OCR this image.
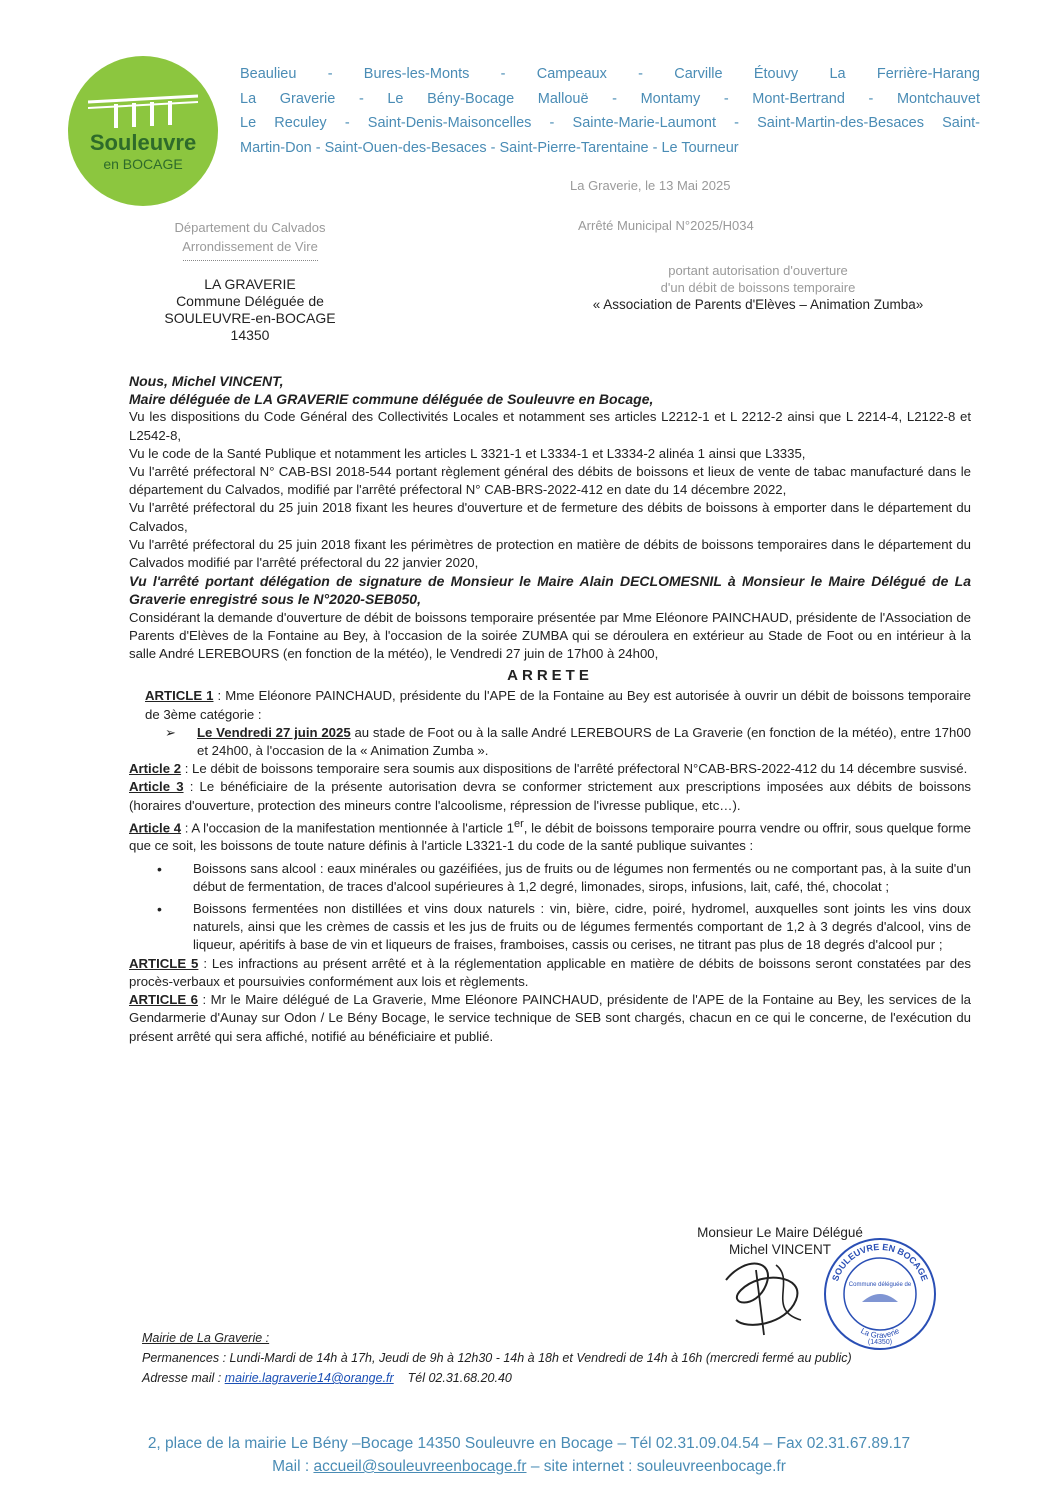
Souleuvre
en BOCAGE
Beaulieu - Bures-les-Monts - Campeaux - Carville Étouvy La Ferrière-Harang
La Graverie - Le Bény-Bocage Mallouë - Montamy - Mont-Bertrand - Montchauvet
Le Reculey - Saint-Denis-Maisoncelles - Sainte-Marie-Laumont - Saint-Martin-des-Besaces Saint-
Martin-Don - Saint-Ouen-des-Besaces - Saint-Pierre-Tarentaine - Le Tourneur
Département du Calvados
Arrondissement de Vire
LA GRAVERIE
Commune Déléguée de
SOULEUVRE-en-BOCAGE
14350
La Graverie, le 13 Mai 2025
Arrêté Municipal N°2025/H034
portant autorisation d'ouverture
d'un débit de boissons temporaire
« Association de Parents d'Elèves – Animation Zumba»

Nous, Michel VINCENT,

Maire déléguée de LA GRAVERIE commune déléguée de Souleuvre en Bocage,

Vu les dispositions du Code Général des Collectivités Locales et notamment ses articles L2212-1 et L 2212-2 ainsi que L 2214-4, L2122-8 et L2542-8,

Vu le code de la Santé Publique et notamment les articles L 3321-1 et L3334-1 et L3334-2 alinéa 1 ainsi que L3335,

Vu l'arrêté préfectoral N° CAB-BSI 2018-544 portant règlement général des débits de boissons et lieux de vente de tabac manufacturé dans le département du Calvados, modifié par l'arrêté préfectoral N° CAB-BRS-2022-412 en date du 14 décembre 2022,

Vu l'arrêté préfectoral du 25 juin 2018 fixant les heures d'ouverture et de fermeture des débits de boissons à emporter dans le département du Calvados,

Vu l'arrêté préfectoral du 25 juin 2018 fixant les périmètres de protection en matière de débits de boissons temporaires dans le département du Calvados modifié par l'arrêté préfectoral du 22 janvier 2020,

Vu l'arrêté portant délégation de signature de Monsieur le Maire Alain DECLOMESNIL à Monsieur le Maire Délégué de La Graverie enregistré sous le N°2020-SEB050,

Considérant la demande d'ouverture de débit de boissons temporaire présentée par Mme Eléonore PAINCHAUD, présidente de l'Association de Parents d'Elèves de la Fontaine au Bey, à l'occasion de la soirée ZUMBA qui se déroulera en extérieur au Stade de Foot ou en intérieur à la salle André LEREBOURS (en fonction de la météo), le Vendredi 27 juin de 17h00 à 24h00,

ARRETE

ARTICLE 1 : Mme Eléonore PAINCHAUD, présidente du l'APE de la Fontaine au Bey est autorisée à ouvrir un débit de boissons temporaire de 3ème catégorie :

➢	Le Vendredi 27 juin 2025 au stade de Foot ou à la salle André LEREBOURS de La Graverie (en fonction de la météo), entre 17h00 et 24h00, à l'occasion de la « Animation Zumba ».

Article 2 : Le débit de boissons temporaire sera soumis aux dispositions de l'arrêté préfectoral N°CAB-BRS-2022-412 du 14 décembre susvisé.

Article 3 : Le bénéficiaire de la présente autorisation devra se conformer strictement aux prescriptions imposées aux débits de boissons (horaires d'ouverture, protection des mineurs contre l'alcoolisme, répression de l'ivresse publique, etc…).

Article 4 : A l'occasion de la manifestation mentionnée à l'article 1er, le débit de boissons temporaire pourra vendre ou offrir, sous quelque forme que ce soit, les boissons de toute nature définis à l'article L3321-1 du code de la santé publique suivantes :

•	Boissons sans alcool : eaux minérales ou gazéifiées, jus de fruits ou de légumes non fermentés ou ne comportant pas, à la suite d'un début de fermentation, de traces d'alcool supérieures à 1,2 degré, limonades, sirops, infusions, lait, café, thé, chocolat ;

•	Boissons fermentées non distillées et vins doux naturels : vin, bière, cidre, poiré, hydromel, auxquelles sont joints les vins doux naturels, ainsi que les crèmes de cassis et les jus de fruits ou de légumes fermentés comportant de 1,2 à 3 degrés d'alcool, vins de liqueur, apéritifs à base de vin et liqueurs de fraises, framboises, cassis ou cerises, ne titrant pas plus de 18 degrés d'alcool pur ;

ARTICLE 5 : Les infractions au présent arrêté et à la réglementation applicable en matière de débits de boissons seront constatées par des procès-verbaux et poursuivies conformément aux lois et règlements.

ARTICLE 6 : Mr le Maire délégué de La Graverie, Mme Eléonore PAINCHAUD, présidente de l'APE de la Fontaine au Bey, les services de la Gendarmerie d'Aunay sur Odon / Le Bény Bocage, le service technique de SEB sont chargés, chacun en ce qui le concerne, de l'exécution du présent arrêté qui sera affiché, notifié au bénéficiaire et publié.

Monsieur Le Maire Délégué
Michel VINCENT
SOULEUVRE EN BOCAGE
Commune déléguée de
La Graverie
(14350)
Mairie de La Graverie :
Permanences : Lundi-Mardi de 14h à 17h, Jeudi de 9h à 12h30 - 14h à 18h et Vendredi de 14h à 16h (mercredi fermé au public)
Adresse mail : mairie.lagraverie14@orange.fr Tél 02.31.68.20.40
2, place de la mairie Le Bény –Bocage 14350 Souleuvre en Bocage – Tél 02.31.09.04.54 – Fax 02.31.67.89.17
Mail : accueil@souleuvreenbocage.fr – site internet : souleuvreenbocage.fr
